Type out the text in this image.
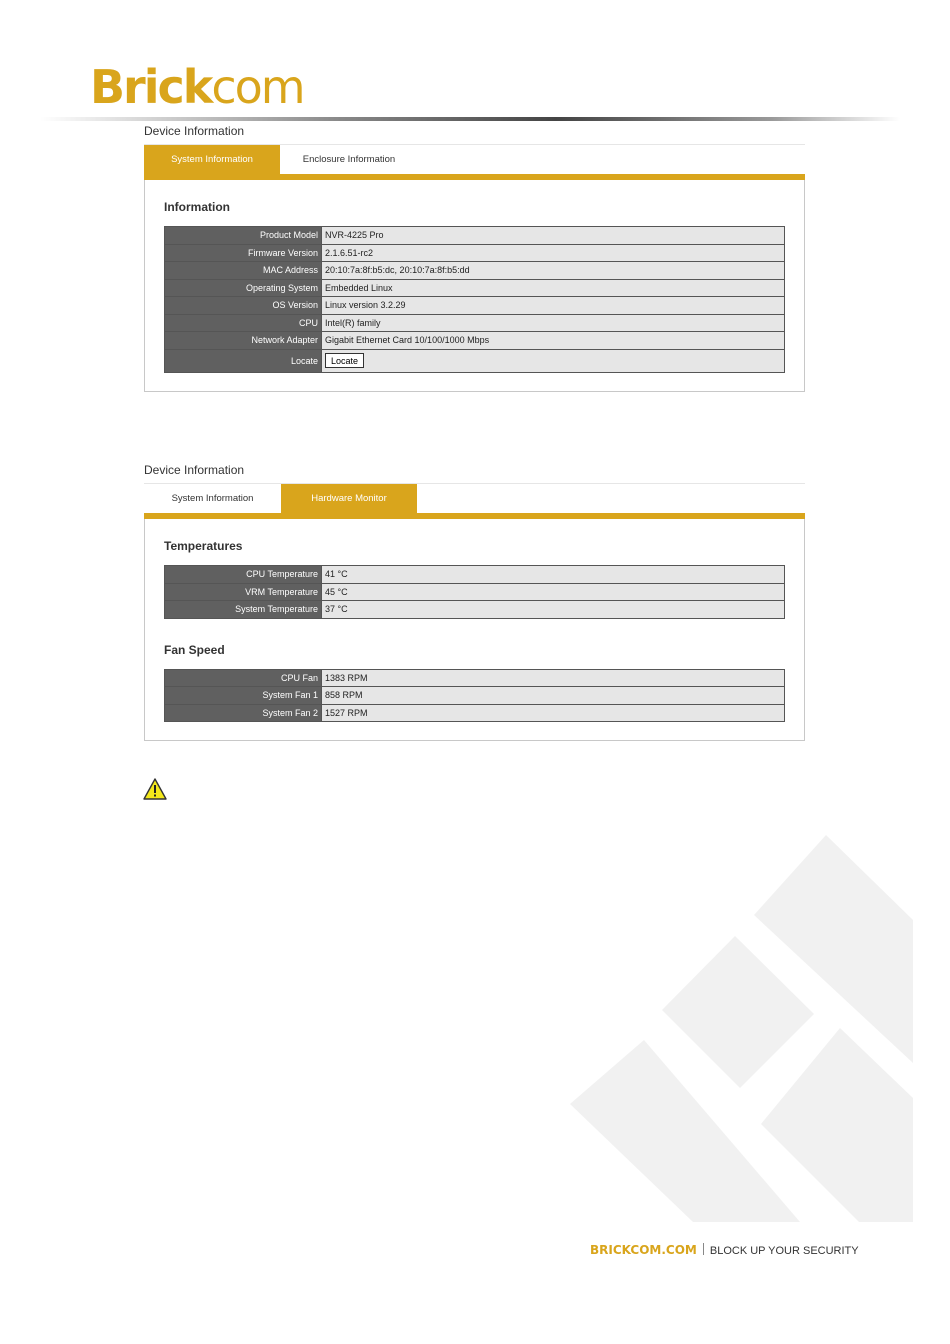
Brickcom
Device Information
System Information	Enclosure Information
Information
Product Model	NVR-4225 Pro
Firmware Version	2.1.6.51-rc2
MAC Address	20:10:7a:8f:b5:dc, 20:10:7a:8f:b5:dd
Operating System	Embedded Linux
OS Version	Linux version 3.2.29
CPU	Intel(R) family
Network Adapter	Gigabit Ethernet Card 10/100/1000 Mbps
Locate	Locate
Device Information
System Information	Hardware Monitor
Temperatures
CPU Temperature	41 °C
VRM Temperature	45 °C
System Temperature	37 °C
Fan Speed
CPU Fan	1383 RPM
System Fan 1	858 RPM
System Fan 2	1527 RPM
BRICKCOM.COM BLOCK UP YOUR SECURITY
